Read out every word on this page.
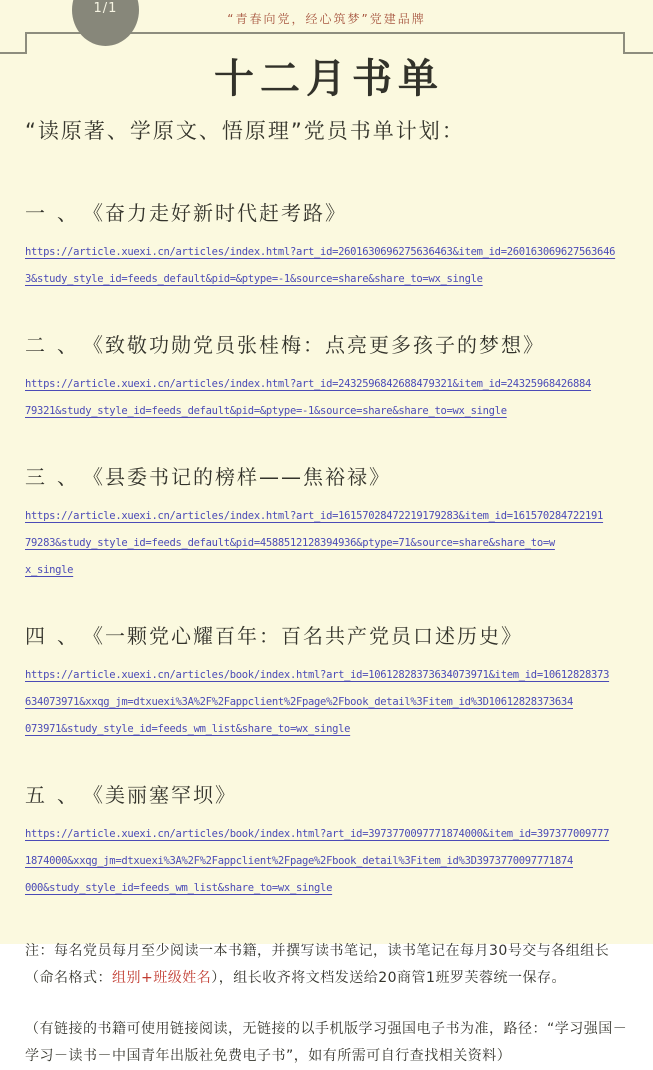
1/1
“青春向党，经心筑梦”党建品牌
十二月书单
“读原著、学原文、悟原理”党员书单计划：
一、 《奋力走好新时代赶考路》
https://article.xuexi.cn/articles/index.html?art_id=2601630696275636463&item_id=260163069627563646
3&study_style_id=feeds_default&pid=&ptype=-1&source=share&share_to=wx_single
二、 《致敬功勋党员张桂梅：点亮更多孩子的梦想》
https://article.xuexi.cn/articles/index.html?art_id=2432596842688479321&item_id=24325968426884
79321&study_style_id=feeds_default&pid=&ptype=-1&source=share&share_to=wx_single
三、 《县委书记的榜样——焦裕禄》
https://article.xuexi.cn/articles/index.html?art_id=16157028472219179283&item_id=161570284722191
79283&study_style_id=feeds_default&pid=4588512128394936&ptype=71&source=share&share_to=w
x_single
四、 《一颗党心耀百年：百名共产党员口述历史》
https://article.xuexi.cn/articles/book/index.html?art_id=10612828373634073971&item_id=10612828373
634073971&xxqg_jm=dtxuexi%3A%2F%2Fappclient%2Fpage%2Fbook_detail%3Fitem_id%3D10612828373634
073971&study_style_id=feeds_wm_list&share_to=wx_single
五、 《美丽塞罕坝》
https://article.xuexi.cn/articles/book/index.html?art_id=3973770097771874000&item_id=397377009777
1874000&xxqg_jm=dtxuexi%3A%2F%2Fappclient%2Fpage%2Fbook_detail%3Fitem_id%3D3973770097771874
000&study_style_id=feeds_wm_list&share_to=wx_single

注：每名党员每月至少阅读一本书籍，并撰写读书笔记，读书笔记在每月30号交与各组组长（命名格式：组别+班级姓名），组长收齐将文档发送给20商管1班罗芙蓉统一保存。

（有链接的书籍可使用链接阅读，无链接的以手机版学习强国电子书为准，路径：“学习强国－学习－读书－中国青年出版社免费电子书”，如有所需可自行查找相关资料）
